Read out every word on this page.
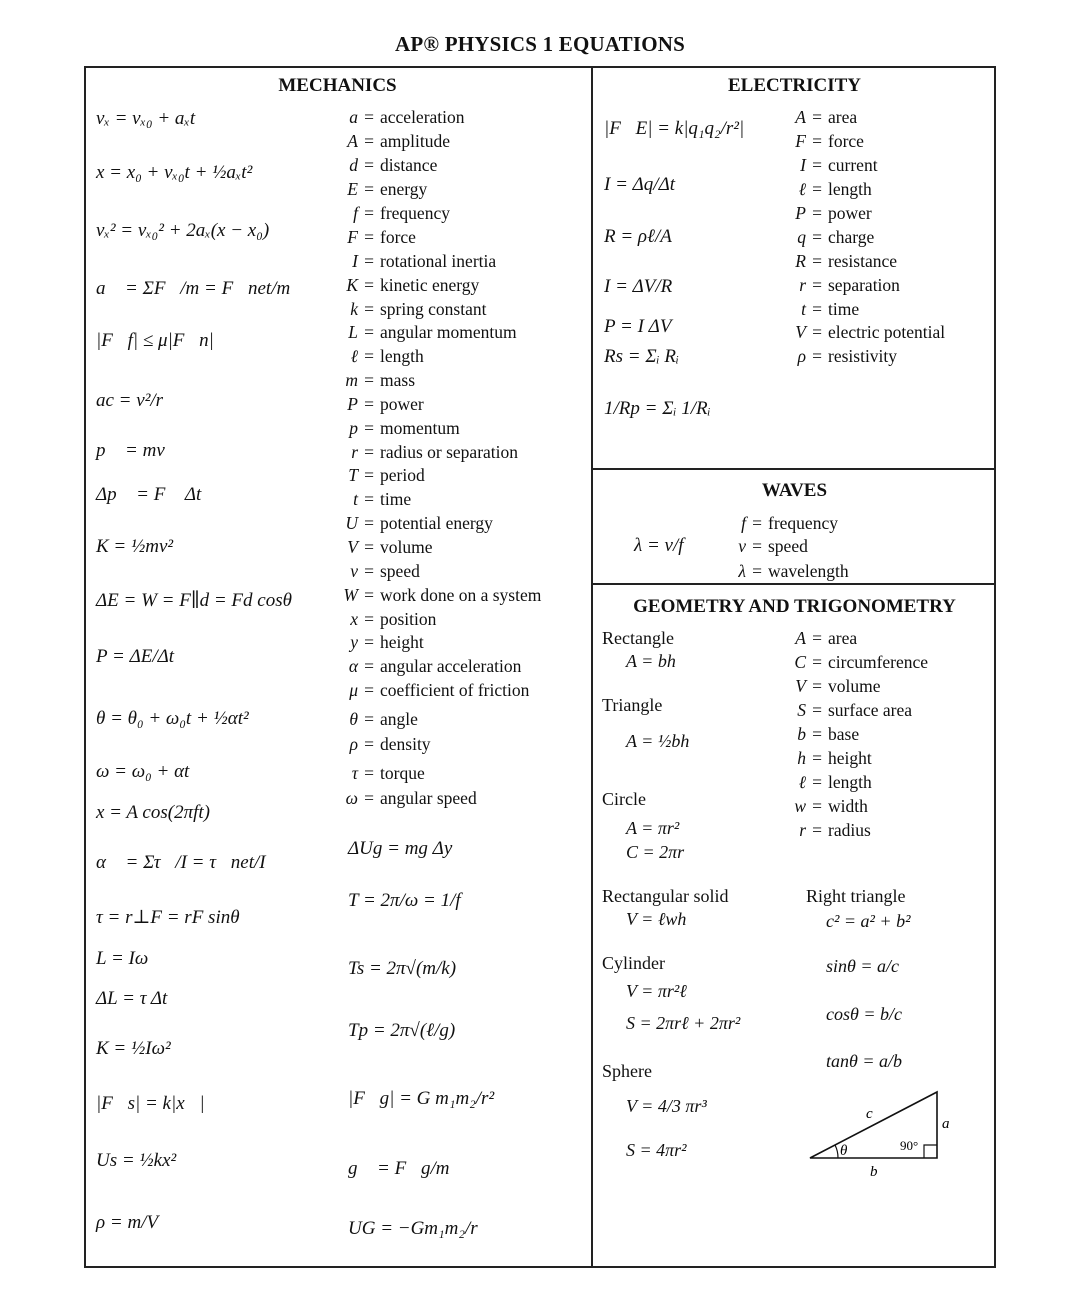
AP® PHYSICS 1 EQUATIONS
MECHANICS
vₓ = vₓ₀ + aₓt
x = x₀ + vₓ₀t + ½aₓt²
vₓ² = vₓ₀² + 2aₓ(x − x₀)
a⃗ = ΣF⃗/m = F⃗net/m
|F⃗f| ≤ μ|F⃗n|
ac = v²/r
p⃗ = mv⃗
Δp⃗ = F⃗ Δt
K = ½mv²
ΔE = W = F∥d = Fd cosθ
P = ΔE/Δt
θ = θ₀ + ω₀t + ½αt²
ω = ω₀ + αt
x = A cos(2πft)
α⃗ = Στ⃗/I = τ⃗net/I
τ = r⊥F = rF sinθ
L = Iω
ΔL = τ Δt
K = ½Iω²
|F⃗s| = k|x⃗|
Us = ½kx²
ρ = m/V
a = acceleration
A = amplitude
d = distance
E = energy
f = frequency
F = force
I = rotational inertia
K = kinetic energy
k = spring constant
L = angular momentum
ℓ = length
m = mass
P = power
p = momentum
r = radius or separation
T = period
t = time
U = potential energy
V = volume
v = speed
W = work done on a system
x = position
y = height
α = angular acceleration
μ = coefficient of friction
θ = angle
ρ = density
τ = torque
ω = angular speed
ΔUg = mg Δy
T = 2π/ω = 1/f
Ts = 2π√(m/k)
Tp = 2π√(ℓ/g)
|F⃗g| = G m₁m₂/r²
g⃗ = F⃗g/m
UG = −Gm₁m₂/r
ELECTRICITY
|F⃗E| = k|q₁q₂/r²|
I = Δq/Δt
R = ρℓ/A
I = ΔV/R
P = I ΔV
Rs = Σᵢ Rᵢ
1/Rp = Σᵢ 1/Rᵢ
A = area
F = force
I = current
ℓ = length
P = power
q = charge
R = resistance
r = separation
t = time
V = electric potential
ρ = resistivity
WAVES
λ = v/f
f = frequency
v = speed
λ = wavelength
GEOMETRY AND TRIGONOMETRY
Rectangle
A = bh
Triangle
A = ½bh
Circle
A = πr²
C = 2πr
Rectangular solid
V = ℓwh
Cylinder
V = πr²ℓ
S = 2πrℓ + 2πr²
Sphere
V = 4/3 πr³
S = 4πr²
A = area
C = circumference
V = volume
S = surface area
b = base
h = height
ℓ = length
w = width
r = radius
Right triangle
c² = a² + b²
sinθ = a/c
cosθ = b/c
tanθ = a/b
c
a
b
θ	90°
